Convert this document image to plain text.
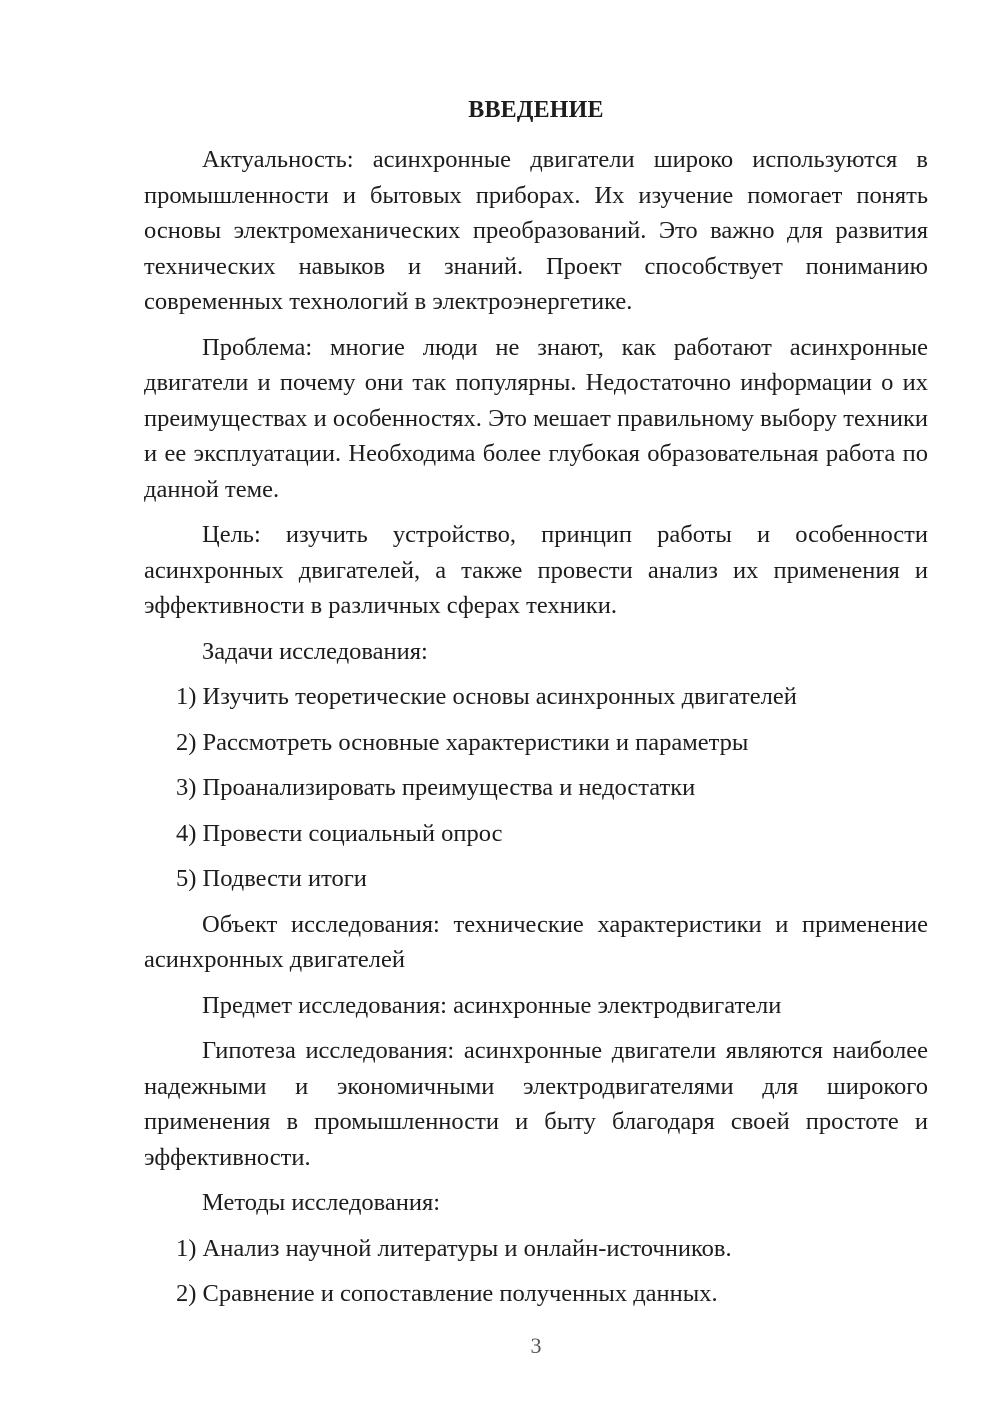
ВВЕДЕНИЕ

Актуальность: асинхронные двигатели широко используются в промышленности и бытовых приборах. Их изучение помогает понять основы электромеханических преобразований. Это важно для развития технических навыков и знаний. Проект способствует пониманию современных технологий в электроэнергетике.

Проблема: многие люди не знают, как работают асинхронные двигатели и почему они так популярны. Недостаточно информации о их преимуществах и особенностях. Это мешает правильному выбору техники и ее эксплуатации. Необходима более глубокая образовательная работа по данной теме.

Цель: изучить устройство, принцип работы и особенности асинхронных двигателей, а также провести анализ их применения и эффективности в различных сферах техники.

Задачи исследования:

1) Изучить теоретические основы асинхронных двигателей

2) Рассмотреть основные характеристики и параметры

3) Проанализировать преимущества и недостатки

4) Провести социальный опрос

5) Подвести итоги

Объект исследования: технические характеристики и применение асинхронных двигателей

Предмет исследования: асинхронные электродвигатели

Гипотеза исследования: асинхронные двигатели являются наиболее надежными и экономичными электродвигателями для широкого применения в промышленности и быту благодаря своей простоте и эффективности.

Методы исследования:

1) Анализ научной литературы и онлайн-источников.

2) Сравнение и сопоставление полученных данных.

3
